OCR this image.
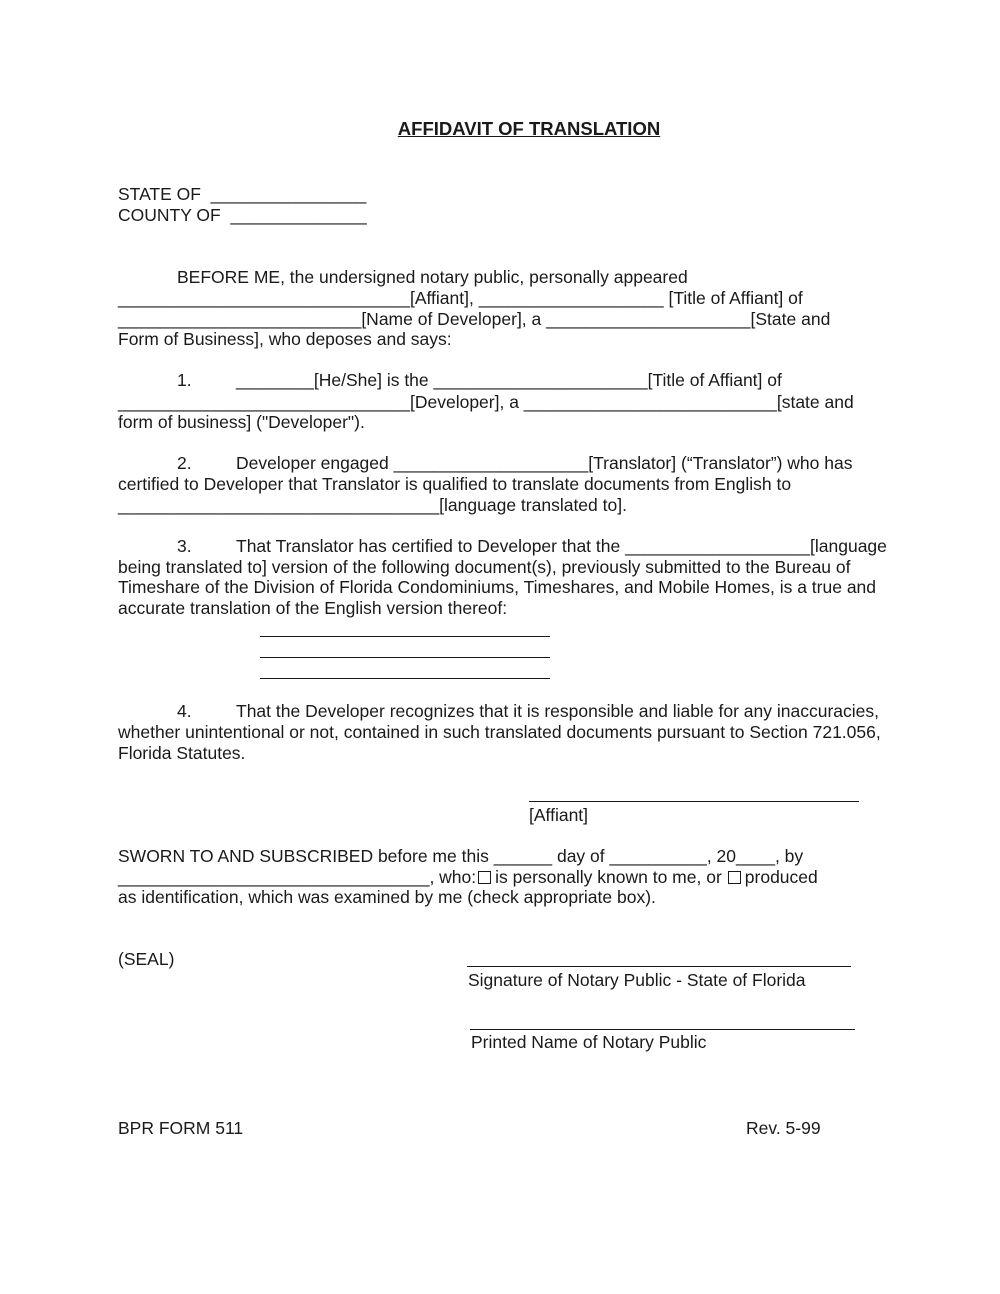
AFFIDAVIT OF TRANSLATION
STATE OF  ________________
COUNTY OF  ______________
BEFORE ME, the undersigned notary public, personally appeared
______________________________[Affiant], ___________________ [Title of Affiant] of
_________________________[Name of Developer], a _____________________[State and
Form of Business], who deposes and says:
1.	________[He/She] is the ______________________[Title of Affiant] of
______________________________[Developer], a __________________________[state and
form of business] ("Developer").
2.	Developer engaged ____________________[Translator] (“Translator”) who has
certified to Developer that Translator is qualified to translate documents from English to
_________________________________[language translated to].
3.	That Translator has certified to Developer that the ___________________[language
being translated to] version of the following document(s), previously submitted to the Bureau of
Timeshare of the Division of Florida Condominiums, Timeshares, and Mobile Homes, is a true and
accurate translation of the English version thereof:
4.	That the Developer recognizes that it is responsible and liable for any inaccuracies,
whether unintentional or not, contained in such translated documents pursuant to Section 721.056,
Florida Statutes.
[Affiant]
SWORN TO AND SUBSCRIBED before me this ______ day of __________, 20____, by
________________________________, who: is personally known to me, or produced
as identification, which was examined by me (check appropriate box).
(SEAL)
Signature of Notary Public - State of Florida
Printed Name of Notary Public
BPR FORM 511	Rev. 5-99
